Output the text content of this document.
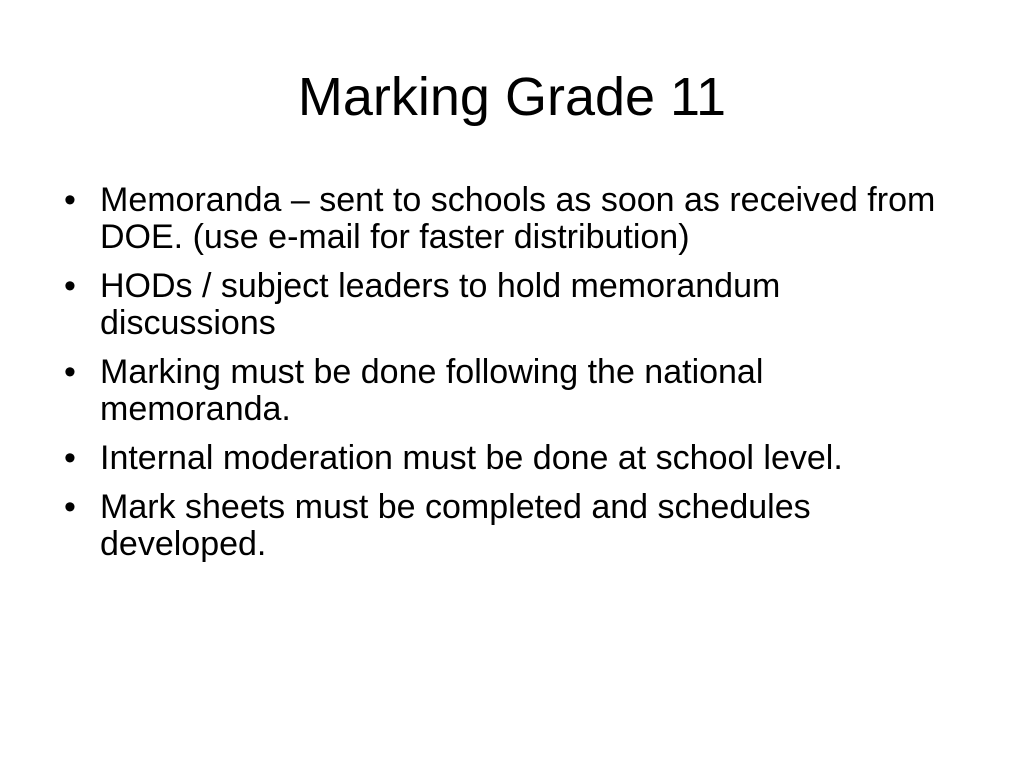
Marking Grade 11
• Memoranda – sent to schools as soon as received from DOE. (use e-mail for faster distribution)
• HODs / subject leaders to hold memorandum discussions
• Marking must be done following the national memoranda.
• Internal moderation must be done at school level.
• Mark sheets must be completed and schedules developed.
